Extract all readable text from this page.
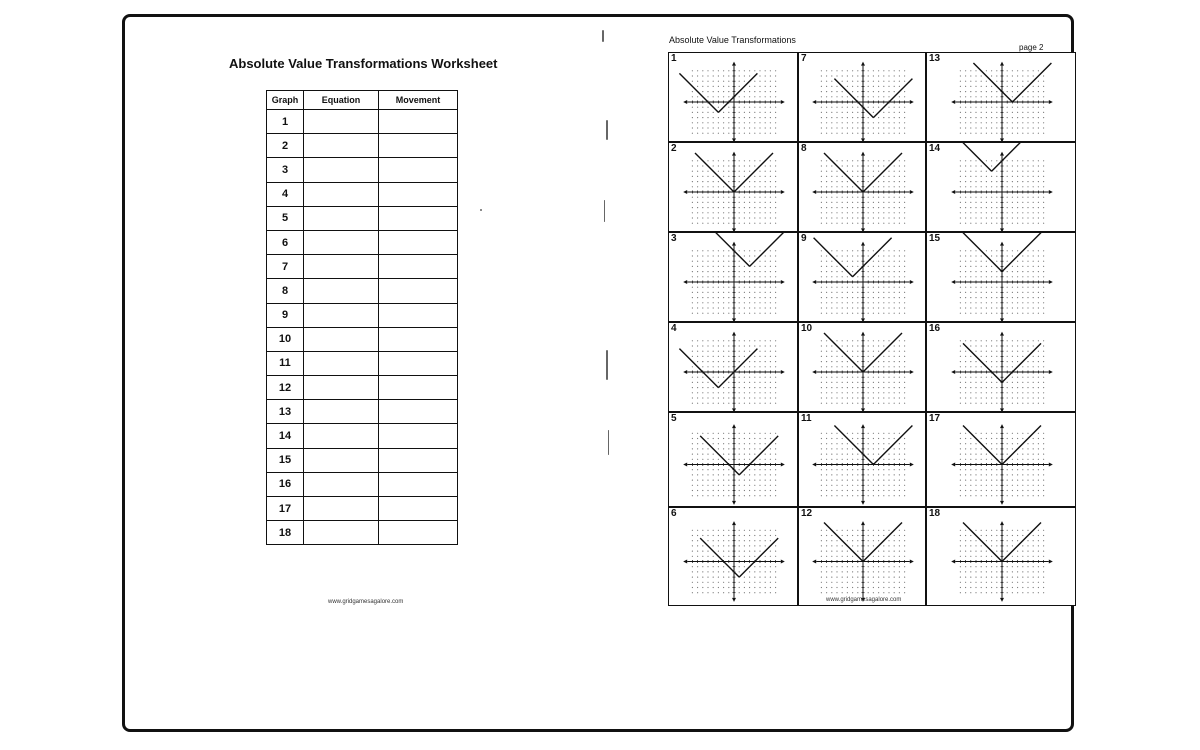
Absolute Value Transformations Worksheet
Graph	Equation	Movement
1		
2		
3		
4		
5		
6		
7		
8		
9		
10		
11		
12		
13		
14		
15		
16		
17		
18		
www.gridgamesagalore.com
Absolute Value Transformations
page 2
1
2
3
4
5
6
7
8
9
10
11
12
13
14
15
16
17
18
www.gridgamesagalore.com
